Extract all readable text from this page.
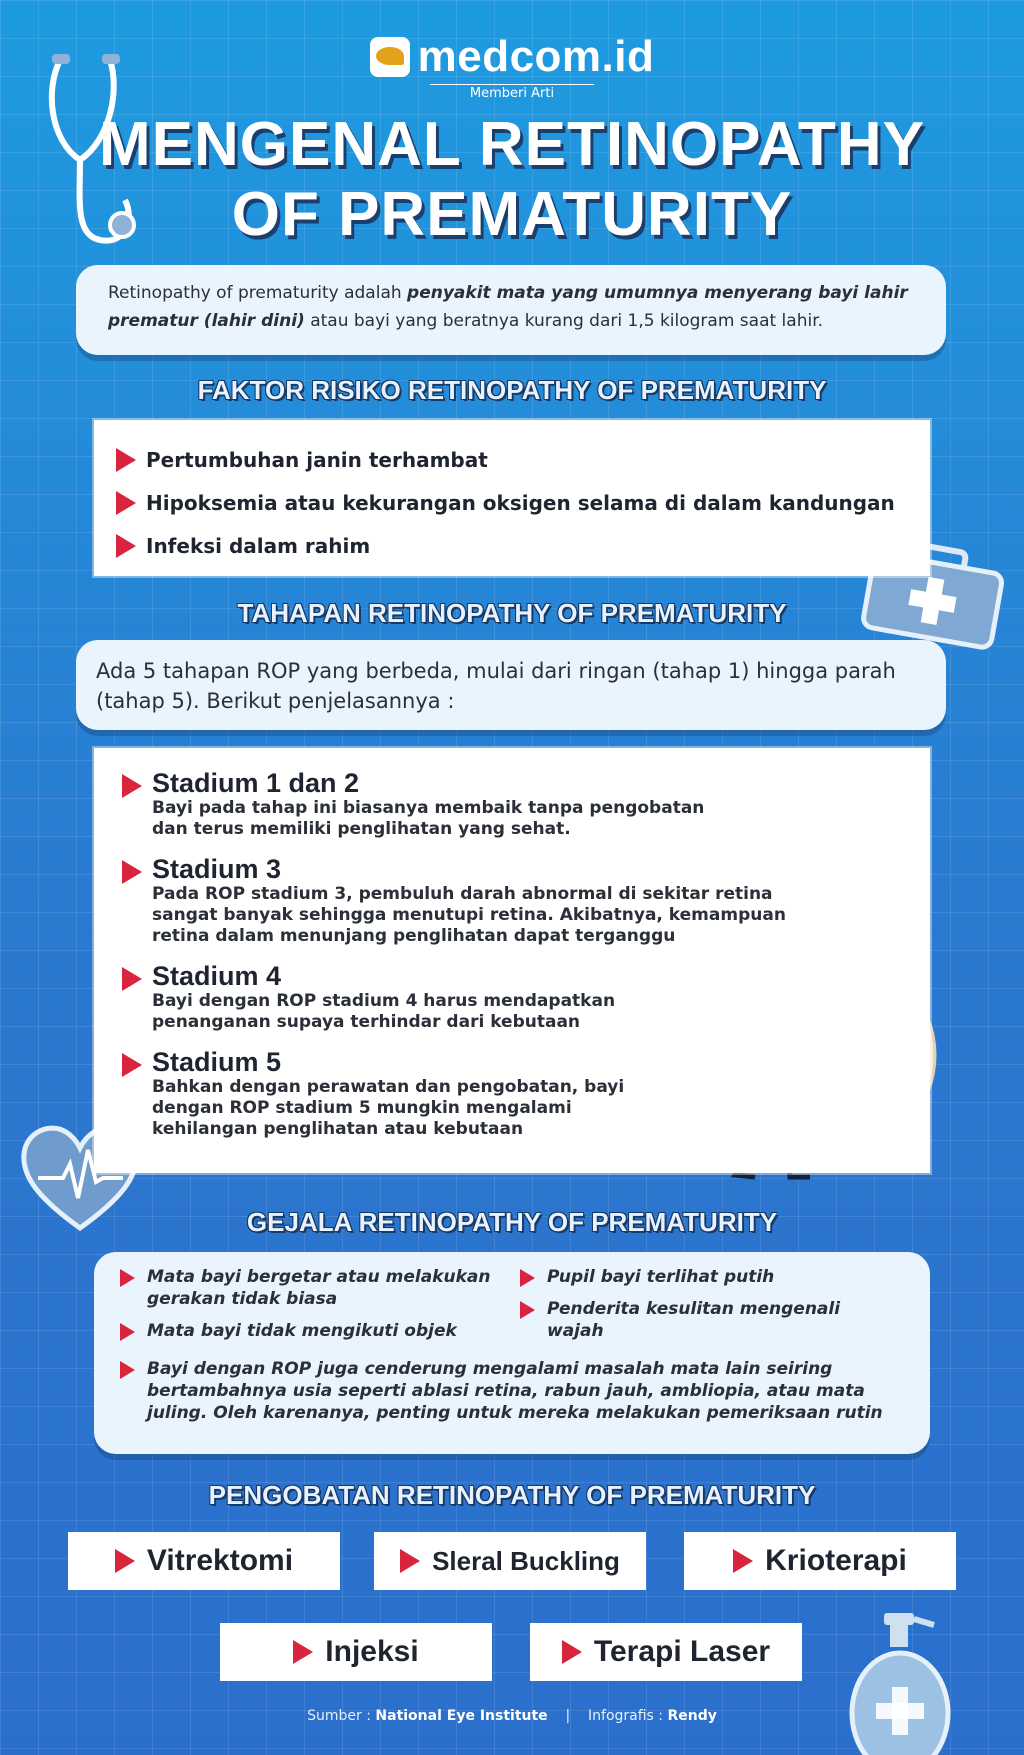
medcom.id

Memberi Arti
MENGENAL RETINOPATHY
OF PREMATURITY
Retinopathy of prematurity adalah penyakit mata yang umumnya menyerang bayi lahir prematur (lahir dini) atau bayi yang beratnya kurang dari 1,5 kilogram saat lahir.
FAKTOR RISIKO RETINOPATHY OF PREMATURITY
Pertumbuhan janin terhambat
Hipoksemia atau kekurangan oksigen selama di dalam kandungan
Infeksi dalam rahim
TAHAPAN RETINOPATHY OF PREMATURITY
Ada 5 tahapan ROP yang berbeda, mulai dari ringan (tahap 1) hingga parah (tahap 5). Berikut penjelasannya :
Stadium 1 dan 2
Bayi pada tahap ini biasanya membaik tanpa pengobatan
dan terus memiliki penglihatan yang sehat.
Stadium 3
Pada ROP stadium 3, pembuluh darah abnormal di sekitar retina
sangat banyak sehingga menutupi retina. Akibatnya, kemampuan
retina dalam menunjang penglihatan dapat terganggu
Stadium 4
Bayi dengan ROP stadium 4 harus mendapatkan
penanganan supaya terhindar dari kebutaan
Stadium 5
Bahkan dengan perawatan dan pengobatan, bayi
dengan ROP stadium 5 mungkin mengalami
kehilangan penglihatan atau kebutaan
GEJALA RETINOPATHY OF PREMATURITY
Mata bayi bergetar atau melakukan
gerakan tidak biasa
Mata bayi tidak mengikuti objek
Pupil bayi terlihat putih
Penderita kesulitan mengenali wajah
Bayi dengan ROP juga cenderung mengalami masalah mata lain seiring
bertambahnya usia seperti ablasi retina, rabun jauh, ambliopia, atau mata
juling. Oleh karenanya, penting untuk mereka melakukan pemeriksaan rutin
PENGOBATAN RETINOPATHY OF PREMATURITY
Vitrektomi	Sleral Buckling	Krioterapi
Injeksi	Terapi Laser
Sumber : National Eye Institute | Infografis : Rendy
